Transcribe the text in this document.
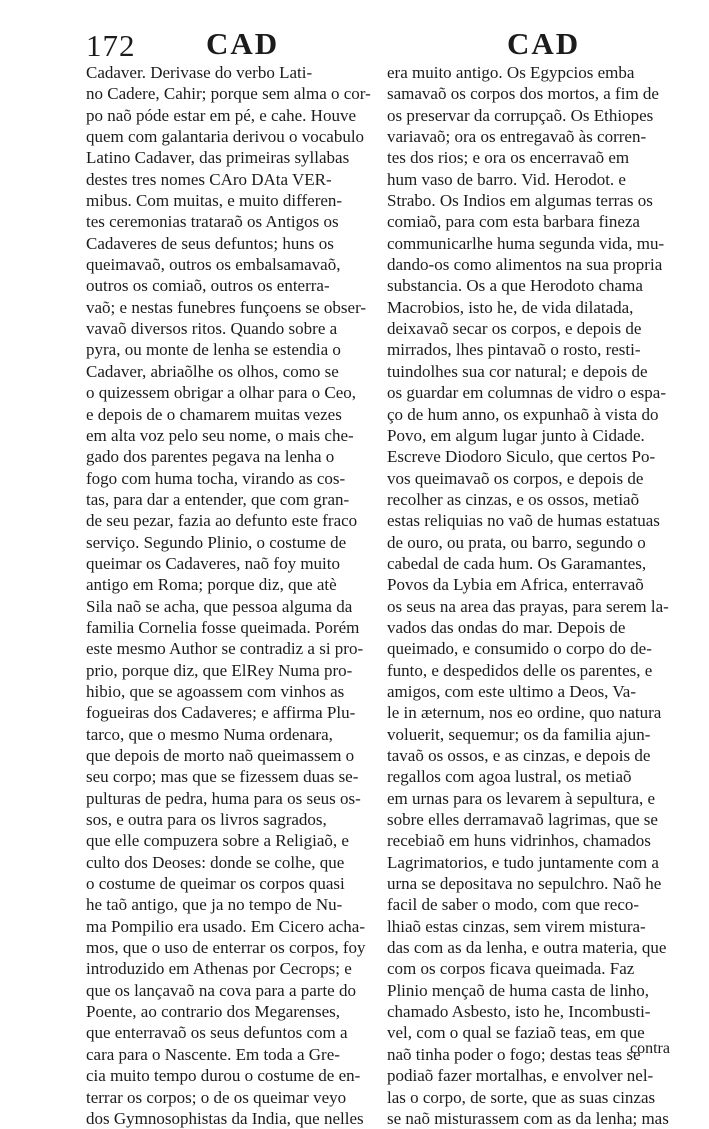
172 CAD	CAD
Cadaver. Derivase do verbo Lati-
no Cadere, Cahir; porque sem alma o cor-
po naõ póde estar em pé, e cahe. Houve
quem com galantaria derivou o vocabulo
Latino Cadaver, das primeiras syllabas
destes tres nomes CAro DAta VER-
mibus. Com muitas, e muito differen-
tes ceremonias trataraõ os Antigos os
Cadaveres de seus defuntos; huns os
queimavaõ, outros os embalsamavaõ,
outros os comiaõ, outros os enterra-
vaõ; e nestas funebres funçoens se obser-
vavaõ diversos ritos. Quando sobre a
pyra, ou monte de lenha se estendia o
Cadaver, abriaõlhe os olhos, como se
o quizessem obrigar a olhar para o Ceo,
e depois de o chamarem muitas vezes
em alta voz pelo seu nome, o mais che-
gado dos parentes pegava na lenha o
fogo com huma tocha, virando as cos-
tas, para dar a entender, que com gran-
de seu pezar, fazia ao defunto este fraco
serviço. Segundo Plinio, o costume de
queimar os Cadaveres, naõ foy muito
antigo em Roma; porque diz, que atè
Sila naõ se acha, que pessoa alguma da
familia Cornelia fosse queimada. Porém
este mesmo Author se contradiz a si pro-
prio, porque diz, que ElRey Numa pro-
hibio, que se agoassem com vinhos as
fogueiras dos Cadaveres; e affirma Plu-
tarco, que o mesmo Numa ordenara,
que depois de morto naõ queimassem o
seu corpo; mas que se fizessem duas se-
pulturas de pedra, huma para os seus os-
sos, e outra para os livros sagrados,
que elle compuzera sobre a Religiaõ, e
culto dos Deoses: donde se colhe, que
o costume de queimar os corpos quasi
he taõ antigo, que ja no tempo de Nu-
ma Pompilio era usado. Em Cicero acha-
mos, que o uso de enterrar os corpos, foy
introduzido em Athenas por Cecrops; e
que os lançavaõ na cova para a parte do
Poente, ao contrario dos Megarenses,
que enterravaõ os seus defuntos com a
cara para o Nascente. Em toda a Gre-
cia muito tempo durou o costume de en-
terrar os corpos; o de os queimar veyo
dos Gymnosophistas da India, que nelles
era muito antigo. Os Egypcios emba
samavaõ os corpos dos mortos, a fim de
os preservar da corrupçaõ. Os Ethiopes
variavaõ; ora os entregavaõ às corren-
tes dos rios; e ora os encerravaõ em
hum vaso de barro. Vid. Herodot. e
Strabo. Os Indios em algumas terras os
comiaõ, para com esta barbara fineza
communicarlhe huma segunda vida, mu-
dando-os como alimentos na sua propria
substancia. Os a que Herodoto chama
Macrobios, isto he, de vida dilatada,
deixavaõ secar os corpos, e depois de
mirrados, lhes pintavaõ o rosto, resti-
tuindolhes sua cor natural; e depois de
os guardar em columnas de vidro o espa-
ço de hum anno, os expunhaõ à vista do
Povo, em algum lugar junto à Cidade.
Escreve Diodoro Siculo, que certos Po-
vos queimavaõ os corpos, e depois de
recolher as cinzas, e os ossos, metiaõ
estas reliquias no vaõ de humas estatuas
de ouro, ou prata, ou barro, segundo o
cabedal de cada hum. Os Garamantes,
Povos da Lybia em Africa, enterravaõ
os seus na area das prayas, para serem la-
vados das ondas do mar. Depois de
queimado, e consumido o corpo do de-
funto, e despedidos delle os parentes, e
amigos, com este ultimo a Deos, Va-
le in æternum, nos eo ordine, quo natura
voluerit, sequemur; os da familia ajun-
tavaõ os ossos, e as cinzas, e depois de
regallos com agoa lustral, os metiaõ
em urnas para os levarem à sepultura, e
sobre elles derramavaõ lagrimas, que se
recebiaõ em huns vidrinhos, chamados
Lagrimatorios, e tudo juntamente com a
urna se depositava no sepulchro. Naõ he
facil de saber o modo, com que reco-
lhiaõ estas cinzas, sem virem mistura-
das com as da lenha, e outra materia, que
com os corpos ficava queimada. Faz
Plinio mençaõ de huma casta de linho,
chamado Asbesto, isto he, Incombusti-
vel, com o qual se faziaõ teas, em que
naõ tinha poder o fogo; destas teas se
podiaõ fazer mortalhas, e envolver nel-
las o corpo, de sorte, que as suas cinzas
se naõ misturassem com as da lenha; mas
contra
